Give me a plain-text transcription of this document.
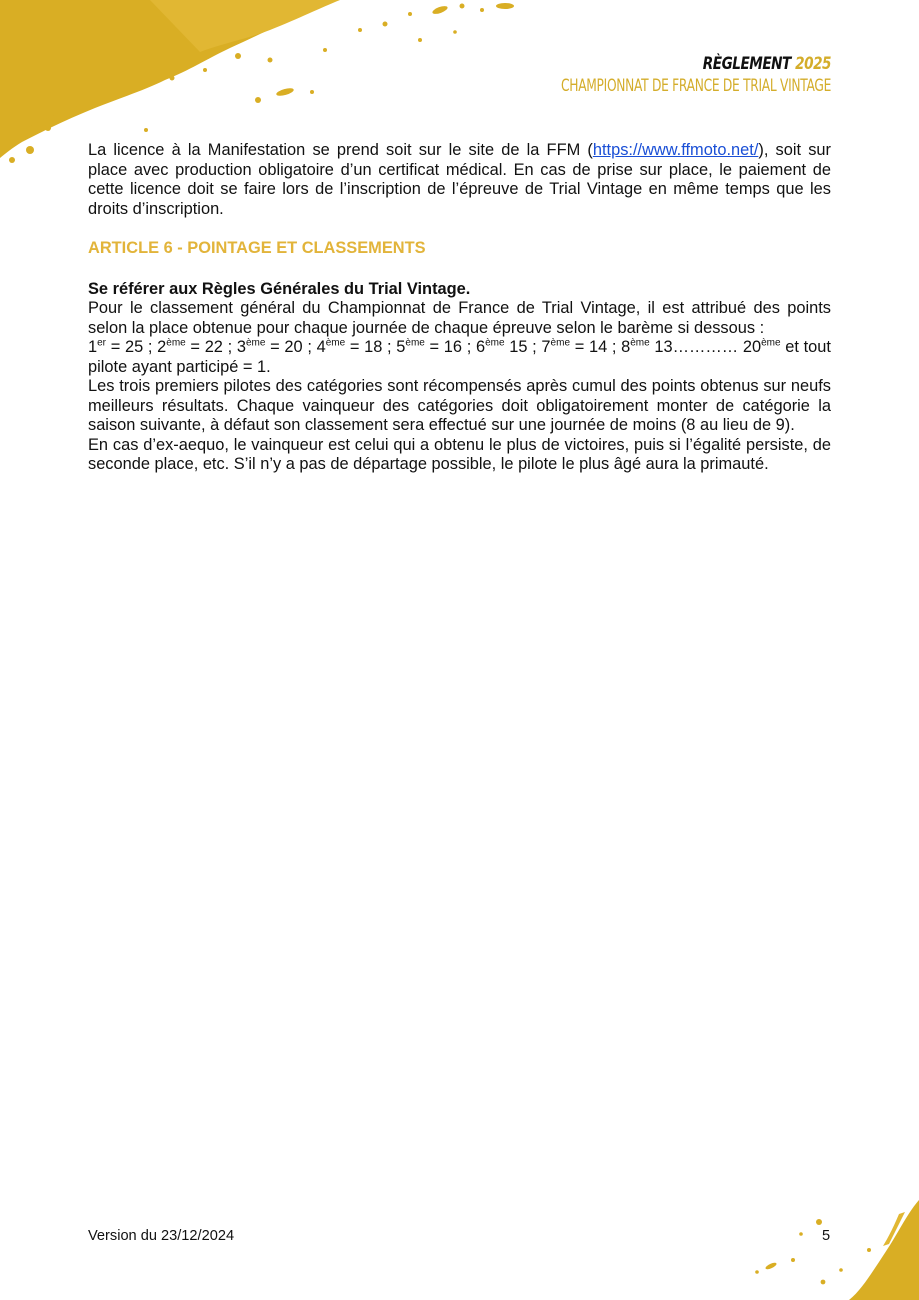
RÈGLEMENT 2025
CHAMPIONNAT DE FRANCE DE TRIAL VINTAGE

La licence à la Manifestation se prend soit sur le site de la FFM (https://www.ffmoto.net/), soit sur place avec production obligatoire d’un certificat médical. En cas de prise sur place, le paiement de cette licence doit se faire lors de l’inscription de l’épreuve de Trial Vintage en même temps que les droits d’inscription.

ARTICLE 6 - POINTAGE ET CLASSEMENTS

Se référer aux Règles Générales du Trial Vintage.

Pour le classement général du Championnat de France de Trial Vintage, il est attribué des points selon la place obtenue pour chaque journée de chaque épreuve selon le barème si dessous :

1er = 25 ; 2ème = 22 ; 3ème = 20 ; 4ème = 18 ; 5ème = 16 ; 6ème 15 ; 7ème = 14 ; 8ème 13………… 20ème et tout pilote ayant participé = 1.

Les trois premiers pilotes des catégories sont récompensés après cumul des points obtenus sur neufs meilleurs résultats. Chaque vainqueur des catégories doit obligatoirement monter de catégorie la saison suivante, à défaut son classement sera effectué sur une journée de moins (8 au lieu de 9).

En cas d’ex-aequo, le vainqueur est celui qui a obtenu le plus de victoires, puis si l’égalité persiste, de seconde place, etc. S’il n’y a pas de départage possible, le pilote le plus âgé aura la primauté.

Version du 23/12/2024	5
